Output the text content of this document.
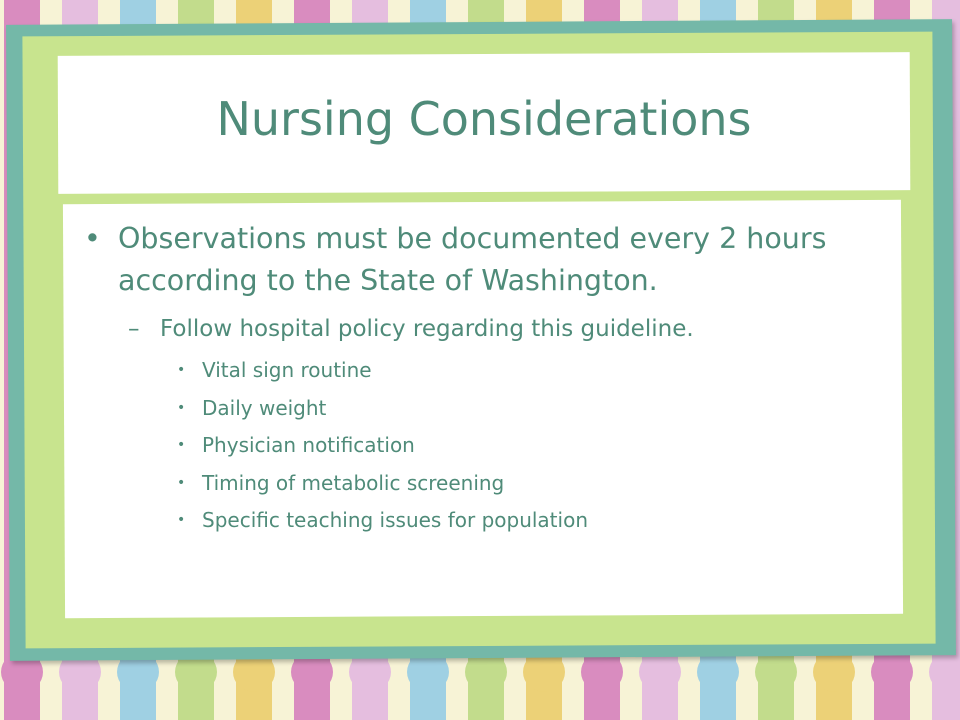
Nursing Considerations
• Observations must be documented every 2 hours according to the State of Washington.
– Follow hospital policy regarding this guideline.
• Vital sign routine
• Daily weight
• Physician notification
• Timing of metabolic screening
• Specific teaching issues for population
